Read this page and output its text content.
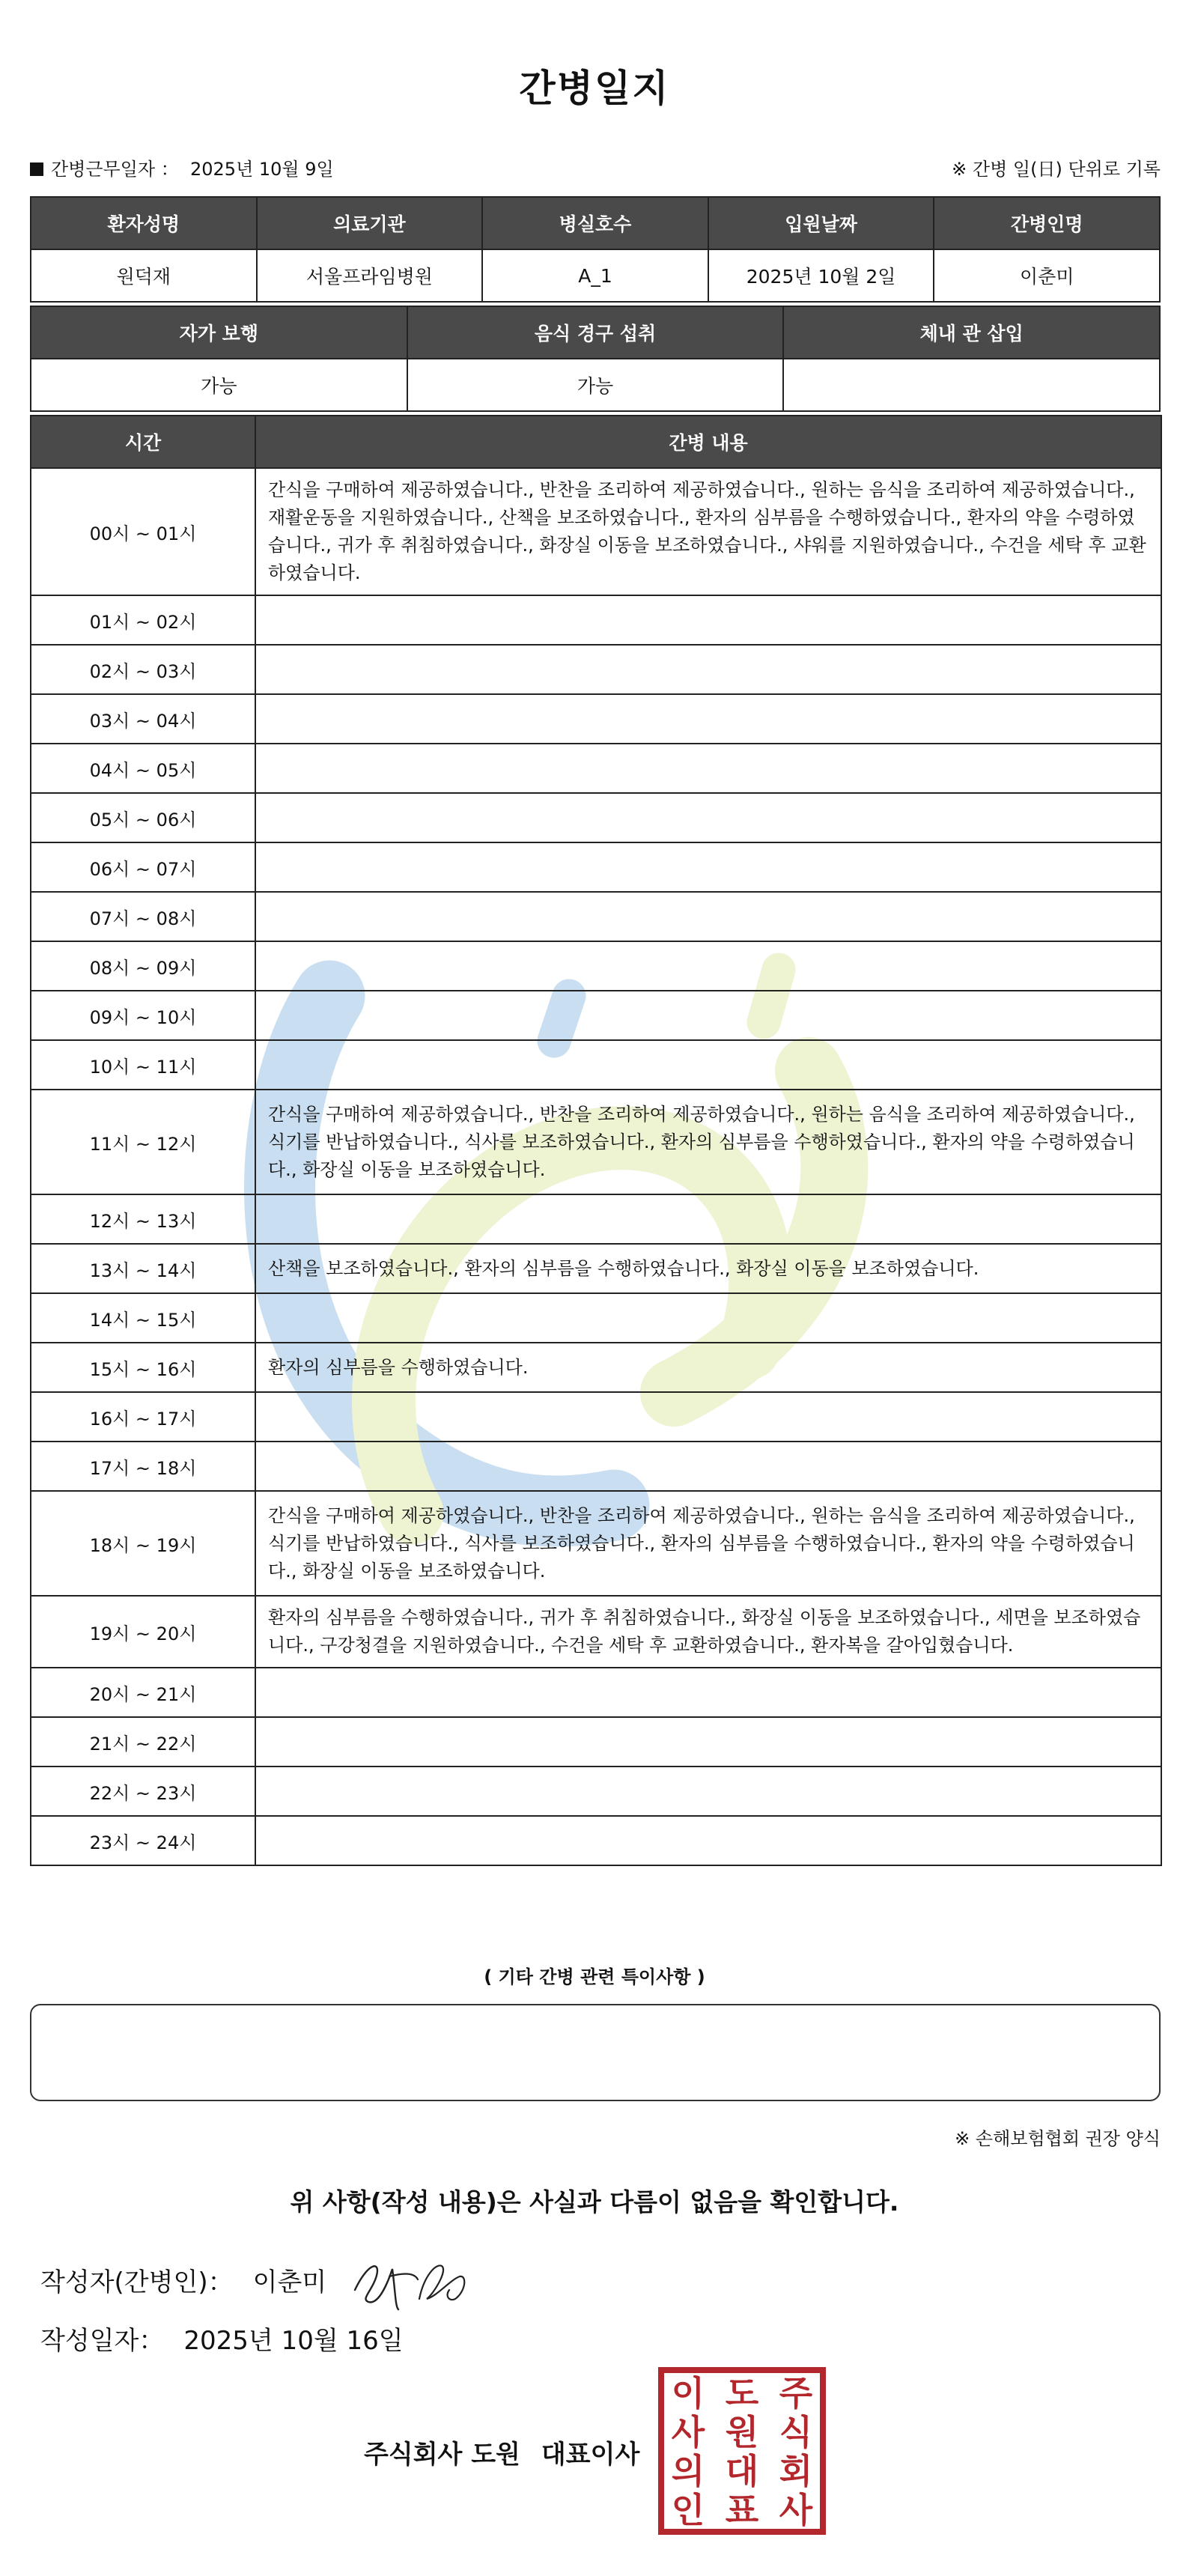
간병일지
간병근무일자 ： 2025년 10월 9일	※ 간병 일(日) 단위로 기록
환자성명	의료기관	병실호수	입원날짜	간병인명
원덕재	서울프라임병원	A_1	2025년 10월 2일	이춘미
자가 보행	음식 경구 섭취	체내 관 삽입
가능	가능	
시간	간병 내용
00시 ~ 01시	간식을 구매하여 제공하였습니다., 반찬을 조리하여 제공하였습니다., 원하는 음식을 조리하여 제공하였습니다., 재활운동을 지원하였습니다., 산책을 보조하였습니다., 환자의 심부름을 수행하였습니다., 환자의 약을 수령하였습니다., 귀가 후 취침하였습니다., 화장실 이동을 보조하였습니다., 샤워를 지원하였습니다., 수건을 세탁 후 교환하였습니다.
01시 ~ 02시	
02시 ~ 03시	
03시 ~ 04시	
04시 ~ 05시	
05시 ~ 06시	
06시 ~ 07시	
07시 ~ 08시	
08시 ~ 09시	
09시 ~ 10시	
10시 ~ 11시	
11시 ~ 12시	간식을 구매하여 제공하였습니다., 반찬을 조리하여 제공하였습니다., 원하는 음식을 조리하여 제공하였습니다., 식기를 반납하였습니다., 식사를 보조하였습니다., 환자의 심부름을 수행하였습니다., 환자의 약을 수령하였습니다., 화장실 이동을 보조하였습니다.
12시 ~ 13시	
13시 ~ 14시	산책을 보조하였습니다., 환자의 심부름을 수행하였습니다., 화장실 이동을 보조하였습니다.
14시 ~ 15시	
15시 ~ 16시	환자의 심부름을 수행하였습니다.
16시 ~ 17시	
17시 ~ 18시	
18시 ~ 19시	간식을 구매하여 제공하였습니다., 반찬을 조리하여 제공하였습니다., 원하는 음식을 조리하여 제공하였습니다., 식기를 반납하였습니다., 식사를 보조하였습니다., 환자의 심부름을 수행하였습니다., 환자의 약을 수령하였습니다., 화장실 이동을 보조하였습니다.
19시 ~ 20시	환자의 심부름을 수행하였습니다., 귀가 후 취침하였습니다., 화장실 이동을 보조하였습니다., 세면을 보조하였습니다., 구강청결을 지원하였습니다., 수건을 세탁 후 교환하였습니다., 환자복을 갈아입혔습니다.
20시 ~ 21시	
21시 ~ 22시	
22시 ~ 23시	
23시 ~ 24시	
( 기타 간병 관련 특이사항 )
※ 손해보험협회 권장 양식
위 사항(작성 내용)은 사실과 다름이 없음을 확인합니다.
작성자(간병인)： 이춘미
작성일자： 2025년 10월 16일
주식회사 도원 대표이사
주
식
회
사
도
원
대
표
이
사
의
인
